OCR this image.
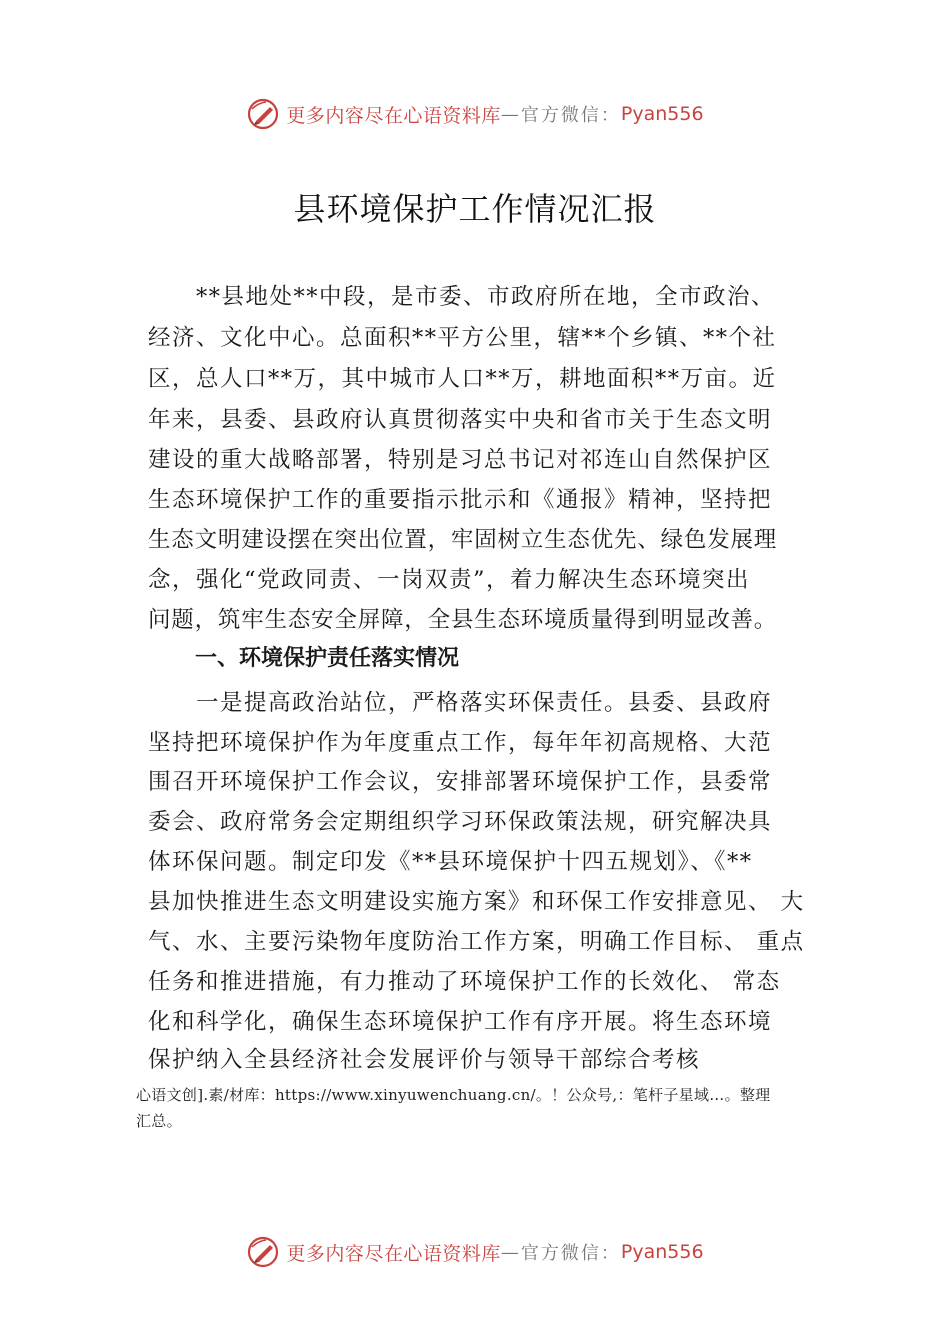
更多内容尽在心语资料库 — 官方微信： Pyan556
县环境保护工作情况汇报
**县地处**中段，是市委、市政府所在地，全市政治、
经济、文化中心。总面积**平方公里，辖**个乡镇、**个社
区，总人口**万，其中城市人口**万，耕地面积**万亩。近
年来，县委、县政府认真贯彻落实中央和省市关于生态文明
建设的重大战略部署，特别是习总书记对祁连山自然保护区
生态环境保护工作的重要指示批示和《通报》精神，坚持把
生态文明建设摆在突出位置，牢固树立生态优先、绿色发展理
念，强化“党政同责、一岗双责”，着力解决生态环境突出
问题，筑牢生态安全屏障，全县生态环境质量得到明显改善。
一、环境保护责任落实情况
一是提高政治站位，严格落实环保责任。县委、县政府
坚持把环境保护作为年度重点工作，每年年初高规格、大范
围召开环境保护工作会议，安排部署环境保护工作，县委常
委会、政府常务会定期组织学习环保政策法规，研究解决具
体环保问题。制定印发《**县环境保护十四五规划》、《**
县加快推进生态文明建设实施方案》和环保工作安排意见、 大
气、水、主要污染物年度防治工作方案，明确工作目标、 重点
任务和推进措施，有力推动了环境保护工作的长效化、 常态
化和科学化，确保生态环境保护工作有序开展。将生态环境
保护纳入全县经济社会发展评价与领导干部综合考核
心语文创].素/材库：https://www.xinyuwenchuang.cn/。！公众号,：笔杆子星域…。整理
汇总。
更多内容尽在心语资料库 — 官方微信： Pyan556
